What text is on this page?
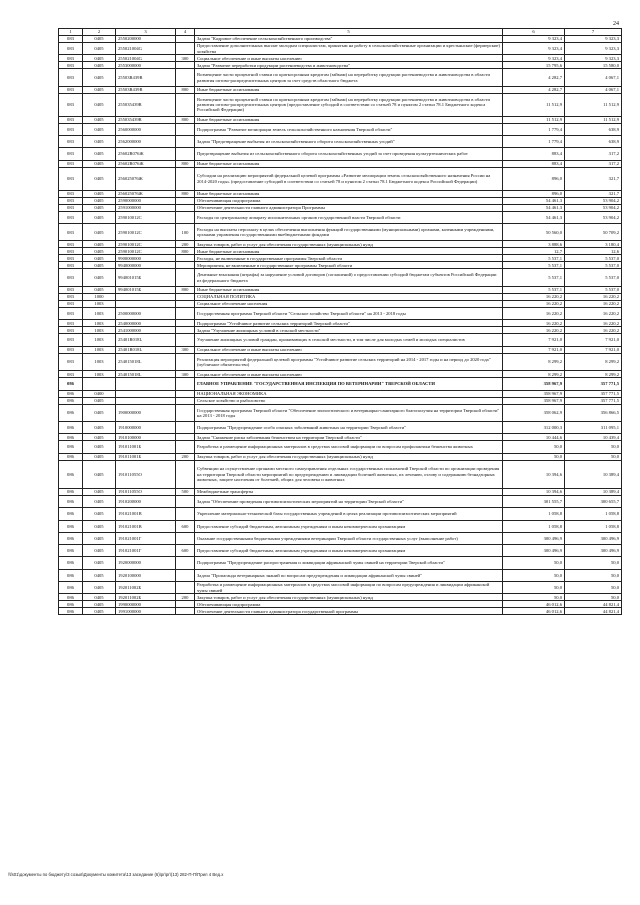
24
1	2	3	4	5	6	7
083	0405	2550200000		Задача "Кадровое обеспечение сельскохозяйственного производства"	9 323,4	9 323,3
083	0405	255021004G		Предоставление дополнительных выплат молодым специалистам, принятым на работу в сельскохозяйственные организации и крестьянские (фермерские) хозяйства	9 323,4	9 323,3
083	0405	255021004G	300	Социальное обеспечение и иные выплаты населению	9 323,4	9 323,3
083	0405	2553000000		Задача "Развитие переработки продукции растениеводства и животноводства"	15 795,6	15 580,0
083	0405	25503R439R		Возмещение части процентной ставки по краткосрочным кредитам (займам) на переработку продукции растениеводства и животноводства в области развития оптово-распределительных центров за счет средств областного бюджета	4 282,7	4 067,1
083	0405	25503R439R	800	Иные бюджетные ассигнования	4 282,7	4 067,1
083	0405	255035439R		Возмещение части процентной ставки по краткосрочным кредитам (займам) на переработку продукции растениеводства и животноводства в области развития оптово-распределительных центров (предоставление субсидий в соответствии со статьей 78 и пунктом 2 статьи 78.1 Бюджетного кодекса Российской Федерации)	11 512,9	11 512,9
083	0405	255035439R	800	Иные бюджетные ассигнования	11 512,9	11 512,9
083	0405	2560000000		Подпрограмма "Развитие мелиорации земель сельскохозяйственного назначения Тверской области"	1 779,4	638,9
083	0405	2562000000		Задача "Предотвращение выбытия из сельскохозяйственного оборота сельскохозяйственных угодий"	1 779,4	638,9
083	0405	25602R076Ж		Предотвращение выбытия из сельскохозяйственного оборота сельскохозяйственных угодий за счет проведения культуртехнических работ	883,4	317,2
083	0405	25602R076Ж	800	Иные бюджетные ассигнования	883,4	317,2
083	0405	256025076Ж		Субсидии на реализацию мероприятий федеральной целевой программы «Развитие мелиорации земель сельскохозяйственного назначения России на 2014-2020 годы» (предоставление субсидий в соответствии со статьей 78 и пунктом 2 статьи 78.1 Бюджетного кодекса Российской Федерации)	896,0	321,7
083	0405	256025076Ж	800	Иные бюджетные ассигнования	896,0	321,7
083	0405	2590000000		Обеспечивающая подпрограмма	54 461,3	53 904,2
083	0405	2591000000		Обеспечение деятельности главного администратора Программы	54 461,3	53 904,2
083	0405	259010012C		Расходы по центральному аппарату исполнительных органов государственной власти Тверской области	54 461,3	53 904,2
083	0405	259010012C	100	Расходы на выплаты персоналу в целях обеспечения выполнения функций государственными (муниципальными) органами, казенными учреждениями, органами управления государственными внебюджетными фондами	50 560,0	50 709,2
083	0405	259010012C	200	Закупка товаров, работ и услуг для обеспечения государственных (муниципальных) нужд	3 888,6	3 180,4
083	0405	259010012C	800	Иные бюджетные ассигнования	12,7	12,6
083	0405	9900000000		Расходы, не включенные в государственные программы Тверской области	5 537,1	5 537,0
083	0405	9940000000		Мероприятия, не включенные в государственные программы Тверской области	5 537,1	5 537,0
083	0405	994001015Б		Денежные взыскания (штрафы) за нарушение условий договоров (соглашений) о предоставлении субсидий бюджетам субъектов Российской Федерации из федерального бюджета	5 537,1	5 537,0
083	0405	994001015Б	800	Иные бюджетные ассигнования	5 537,1	5 537,0
083	1000			СОЦИАЛЬНАЯ ПОЛИТИКА	16 220,2	16 220,2
083	1003			Социальное обеспечение населения	16 220,2	16 220,2
083	1003	2500000000		Государственная программа Тверской области "Сельское хозяйство Тверской области" на 2013 - 2018 годы	16 220,2	16 220,2
083	1003	2540000000		Подпрограмма "Устойчивое развитие сельских территорий Тверской области"	16 220,2	16 220,2
083	1003	2541000000		Задача "Улучшение жилищных условий в сельской местности"	16 220,2	16 220,2
083	1003	25401R018L		Улучшение жилищных условий граждан, проживающих в сельской местности, в том числе для молодых семей и молодых специалистов	7 921,0	7 921,0
083	1003	25401R018L	300	Социальное обеспечение и иные выплаты населению	7 921,0	7 921,0
083	1003	254015018L		Реализация мероприятий федеральной целевой программы "Устойчивое развитие сельских территорий на 2014 - 2017 годы и на период до 2020 года" (публичное обязательство)	8 299,2	8 299,2
083	1003	254015018L	300	Социальное обеспечение и иные выплаты населению	8 299,2	8 299,2
086				ГЛАВНОЕ УПРАВЛЕНИЕ "ГОСУДАРСТВЕННАЯ ИНСПЕКЦИЯ ПО ВЕТЕРИНАРИИ" ТВЕРСКОЙ ОБЛАСТИ	358 967,9	357 771,5
086	0400			НАЦИОНАЛЬНАЯ ЭКОНОМИКА	358 967,9	357 771,5
086	0405			Сельское хозяйство и рыболовство	358 967,9	357 771,5
086	0405	1900000000		Государственная программа Тверской области "Обеспечение эпизоотического и ветеринарно-санитарного благополучия на территории Тверской области" на 2013 - 2018 годы	358 062,9	356 866,5
086	0405	1910000000		Подпрограмма "Предупреждение особо опасных заболеваний животных на территории Тверской области"	312 000,3	311 095,1
086	0405	1910100000		Задача "Снижение риска заболевания бешенством на территории Тверской области"	10 444,6	10 439,4
086	0405	191011001Б		Разработка и размещение информационных материалов в средствах массовой информации по вопросам профилактики бешенства животных	50,0	50,0
086	0405	191011001Б	200	Закупка товаров, работ и услуг для обеспечения государственных (муниципальных) нужд	50,0	50,0
086	0405	191011055O		Субвенции на осуществление органами местного самоуправления отдельных государственных полномочий Тверской области по организации проведения на территории Тверской области мероприятий по предупреждению и ликвидации болезней животных, их лечению, отлову и содержанию безнадзорных животных, защите населения от болезней, общих для человека и животных	10 394,6	10 389,4
086	0405	191011055O	500	Межбюджетные трансферты	10 394,6	10 389,4
086	0405	1910200000		Задача "Обеспечение проведения противоэпизоотических мероприятий на территории Тверской области"	301 555,7	300 655,7
086	0405	191021001B		Укрепление материально-технической базы государственных учреждений в целях реализации противоэпизоотических мероприятий	1 058,8	1 058,8
086	0405	191021001B	600	Предоставление субсидий бюджетным, автономным учреждениям и иным некоммерческим организациям	1 058,8	1 058,8
086	0405	191021001Г		Оказание государственными бюджетными учреждениями ветеринарии Тверской области государственных услуг (выполнение работ)	300 496,9	300 496,9
086	0405	191021001Г	600	Предоставление субсидий бюджетным, автономным учреждениям и иным некоммерческим организациям	300 496,9	300 496,9
086	0405	1920000000		Подпрограмма "Предупреждение распространения и ликвидации африканской чумы свиней на территории Тверской области"	50,0	50,0
086	0405	1920100000		Задача "Пропаганда ветеринарных знаний по вопросам предупреждения и ликвидации африканской чумы свиней"	50,0	50,0
086	0405	192011002Б		Разработка и размещение информационных материалов в средствах массовой информации по вопросам предупреждения и ликвидации африканской чумы свиней	50,0	50,0
086	0405	192011002Б	200	Закупка товаров, работ и услуг для обеспечения государственных (муниципальных) нужд	50,0	50,0
086	0405	1990000000		Обеспечивающая подпрограмма	46 012,6	44 821,4
086	0405	1991000000		Обеспечение деятельности главного администратора государственной программы	46 012,6	44 821,4
\\fs01\документы по бюджету\3 созыв\Документы комитета\13 заседание (6)\pr\pr\(13) 282-П-П\Прил 4 Вед.х
